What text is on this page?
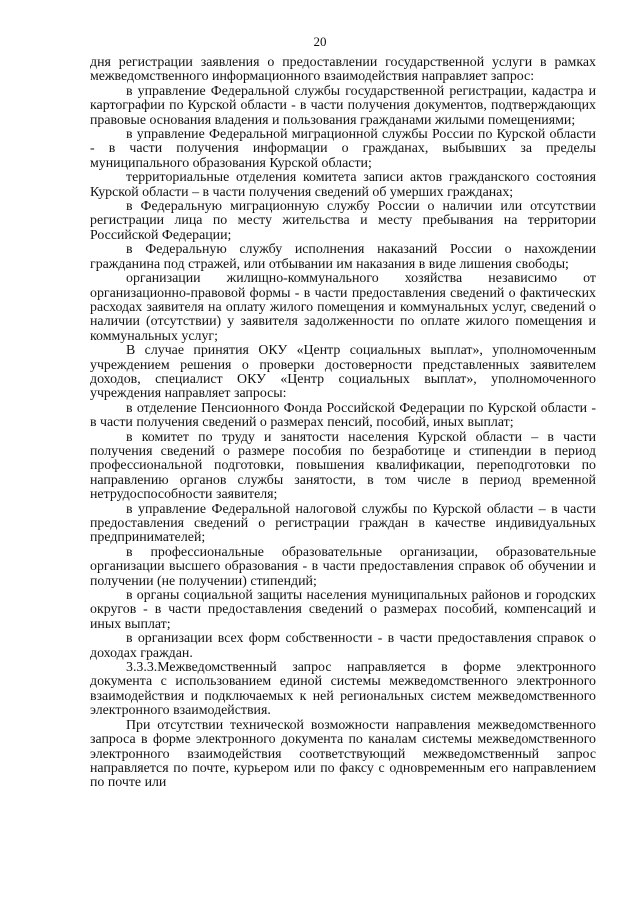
20

дня регистрации заявления о предоставлении государственной услуги в рамках межведомственного информационного взаимодействия направляет запрос:

в управление Федеральной службы государственной регистрации, кадастра и картографии по Курской области - в части получения документов, подтверждающих правовые основания владения и пользования гражданами жилыми помещениями;

в управление Федеральной миграционной службы России по Курской области - в части получения информации о гражданах, выбывших за пределы муниципального образования Курской области;

территориальные отделения комитета записи актов гражданского состояния Курской области – в части получения сведений об умерших гражданах;

в Федеральную миграционную службу России о наличии или отсутствии регистрации лица по месту жительства и месту пребывания на территории Российской Федерации;

в Федеральную службу исполнения наказаний России о нахождении гражданина под стражей, или отбывании им наказания в виде лишения свободы;

организации жилищно-коммунального хозяйства независимо от организационно-правовой формы - в части предоставления сведений о фактических расходах заявителя на оплату жилого помещения и коммунальных услуг, сведений о наличии (отсутствии) у заявителя задолженности по оплате жилого помещения и коммунальных услуг;

В случае принятия ОКУ «Центр социальных выплат», уполномоченным учреждением решения о проверки достоверности представленных заявителем доходов, специалист ОКУ «Центр социальных выплат», уполномоченного учреждения направляет запросы:

в отделение Пенсионного Фонда Российской Федерации по Курской области - в части получения сведений о размерах пенсий, пособий, иных выплат;

в комитет по труду и занятости населения Курской области – в части получения сведений о размере пособия по безработице и стипендии в период профессиональной подготовки, повышения квалификации, переподготовки по направлению органов службы занятости, в том числе в период временной нетрудоспособности заявителя;

в управление Федеральной налоговой службы по Курской области – в части предоставления сведений о регистрации граждан в качестве индивидуальных предпринимателей;

в профессиональные образовательные организации, образовательные организации высшего образования - в части предоставления справок об обучении и получении (не получении) стипендий;

в органы социальной защиты населения муниципальных районов и городских округов - в части предоставления сведений о размерах пособий, компенсаций и иных выплат;

в организации всех форм собственности - в части предоставления справок о доходах граждан.

3.3.3.Межведомственный запрос направляется в форме электронного документа с использованием единой системы межведомственного электронного взаимодействия и подключаемых к ней региональных систем межведомственного электронного взаимодействия.

При отсутствии технической возможности направления межведомственного запроса в форме электронного документа по каналам системы межведомственного электронного взаимодействия соответствующий межведомственный запрос направляется по почте, курьером или по факсу с одновременным его направлением по почте или
